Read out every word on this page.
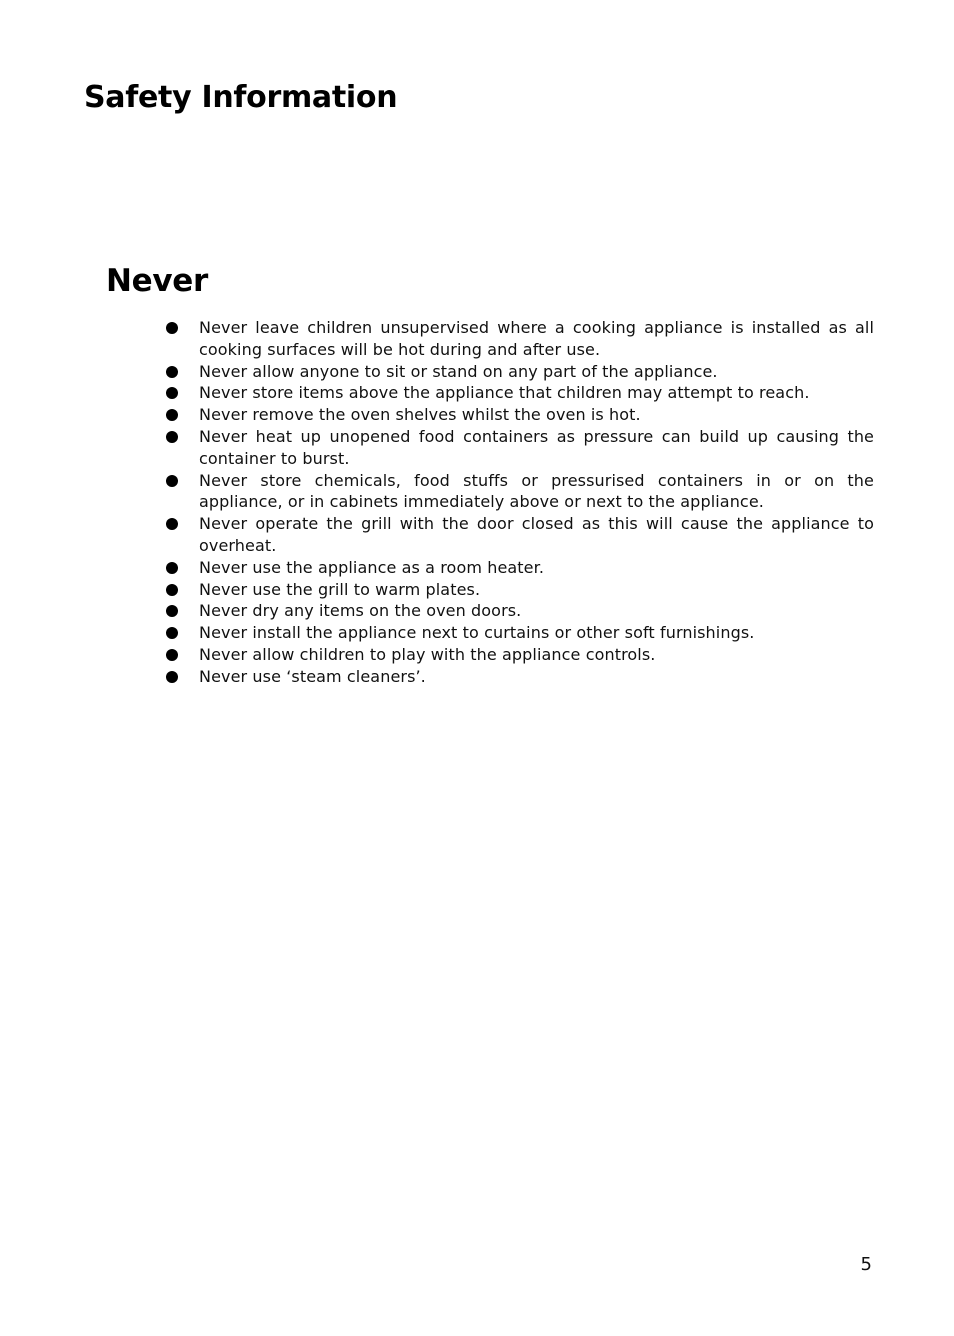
Safety Information
Never
Never leave children unsupervised where a cooking appliance is installed as all cooking surfaces will be hot during and after use.
Never allow anyone to sit or stand on any part of the appliance.
Never store items above the appliance that children may attempt to reach.
Never remove the oven shelves whilst the oven is hot.
Never heat up unopened food containers as pressure can build up causing the container to burst.
Never store chemicals, food stuffs or pressurised containers in or on the appliance, or in cabinets immediately above or next to the appliance.
Never operate the grill with the door closed as this will cause the appliance to overheat.
Never use the appliance as a room heater.
Never use the grill to warm plates.
Never dry any items on the oven doors.
Never install the appliance next to curtains or other soft furnishings.
Never allow children to play with the appliance controls.
Never use ‘steam cleaners’.
5
